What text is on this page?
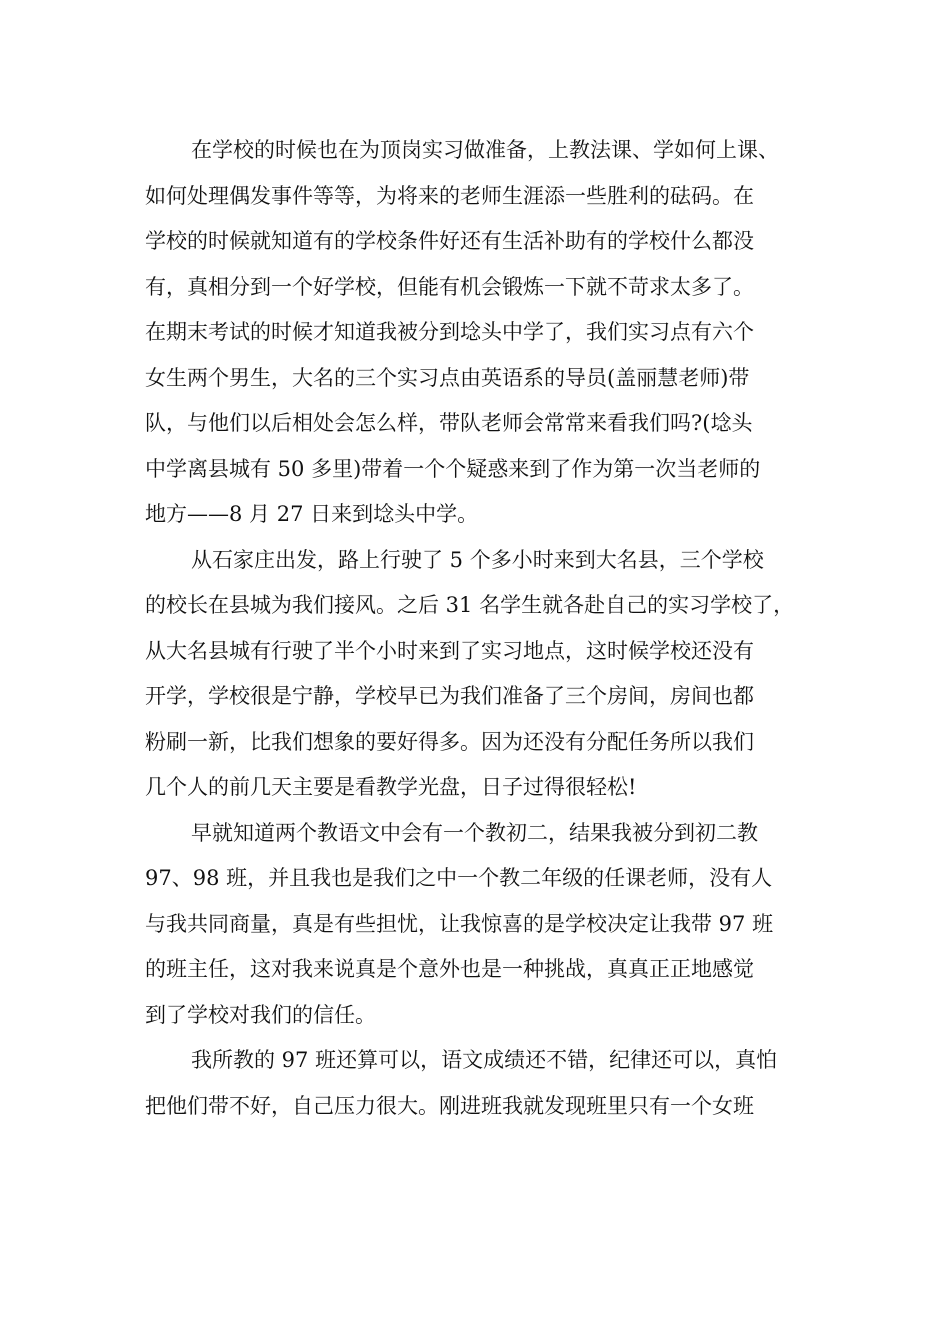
在学校的时候也在为顶岗实习做准备，上教法课、学如何上课、
如何处理偶发事件等等，为将来的老师生涯添一些胜利的砝码。在
学校的时候就知道有的学校条件好还有生活补助有的学校什么都没
有，真相分到一个好学校，但能有机会锻炼一下就不苛求太多了。
在期末考试的时候才知道我被分到埝头中学了，我们实习点有六个
女生两个男生，大名的三个实习点由英语系的导员(盖丽慧老师)带
队，与他们以后相处会怎么样，带队老师会常常来看我们吗?(埝头
中学离县城有 50 多里)带着一个个疑惑来到了作为第一次当老师的
地方——8 月 27 日来到埝头中学。
从石家庄出发，路上行驶了 5 个多小时来到大名县，三个学校
的校长在县城为我们接风。之后 31 名学生就各赴自己的实习学校了，
从大名县城有行驶了半个小时来到了实习地点，这时候学校还没有
开学，学校很是宁静，学校早已为我们准备了三个房间，房间也都
粉刷一新，比我们想象的要好得多。因为还没有分配任务所以我们
几个人的前几天主要是看教学光盘，日子过得很轻松!
早就知道两个教语文中会有一个教初二，结果我被分到初二教
97、98 班，并且我也是我们之中一个教二年级的任课老师，没有人
与我共同商量，真是有些担忧，让我惊喜的是学校决定让我带 97 班
的班主任，这对我来说真是个意外也是一种挑战，真真正正地感觉
到了学校对我们的信任。
我所教的 97 班还算可以，语文成绩还不错，纪律还可以，真怕
把他们带不好，自己压力很大。刚进班我就发现班里只有一个女班
